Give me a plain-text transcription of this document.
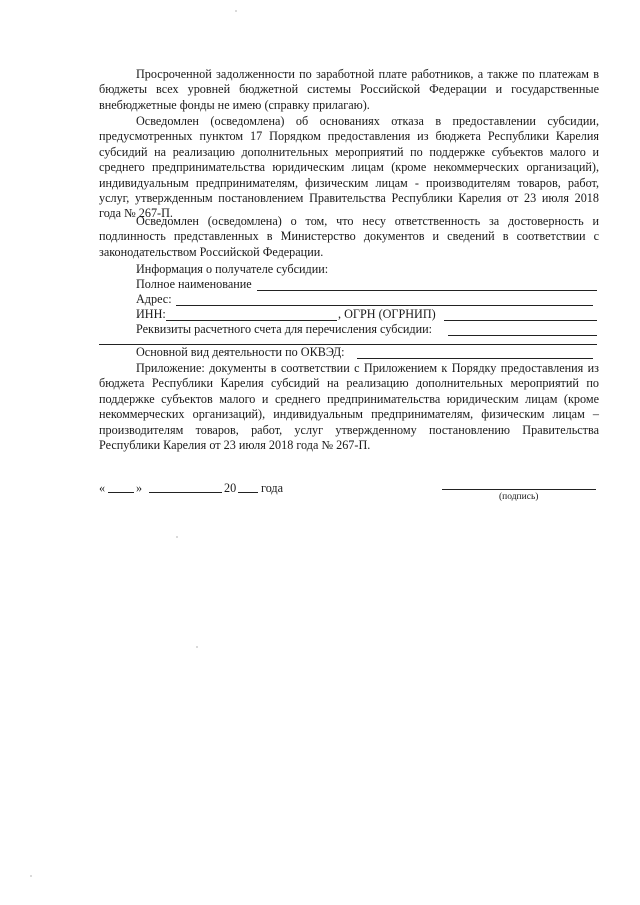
Просроченной задолженности по заработной плате работников, а также по платежам в бюджеты всех уровней бюджетной системы Российской Федерации и государственные внебюджетные фонды не имею (справку прилагаю).

Осведомлен (осведомлена) об основаниях отказа в предоставлении субсидии, предусмотренных пунктом 17 Порядком предоставления из бюджета Республики Карелия субсидий на реализацию дополнительных мероприятий по поддержке субъектов малого и среднего предпринимательства юридическим лицам (кроме некоммерческих организаций), индивидуальным предпринимателям, физическим лицам - производителям товаров, работ, услуг, утвержденным постановлением Правительства Республики Карелия от 23 июля 2018 года № 267-П.

Осведомлен (осведомлена) о том, что несу ответственность за достоверность и подлинность представленных в Министерство документов и сведений в соответствии с законодательством Российской Федерации.

Информация о получателе субсидии:
Полное наименование
Адрес:
ИНН:	, ОГРН (ОГРНИП)
Реквизиты расчетного счета для перечисления субсидии:
Основной вид деятельности по ОКВЭД:

Приложение: документы в соответствии с Приложением к Порядку предоставления из бюджета Республики Карелия субсидий на реализацию дополнительных мероприятий по поддержке субъектов малого и среднего предпринимательства юридическим лицам (кроме некоммерческих организаций), индивидуальным предпринимателям, физическим лицам – производителям товаров, работ, услуг утвержденному постановлению Правительства Республики Карелия от 23 июля 2018 года № 267-П.

«	»	20 года
(подпись)
